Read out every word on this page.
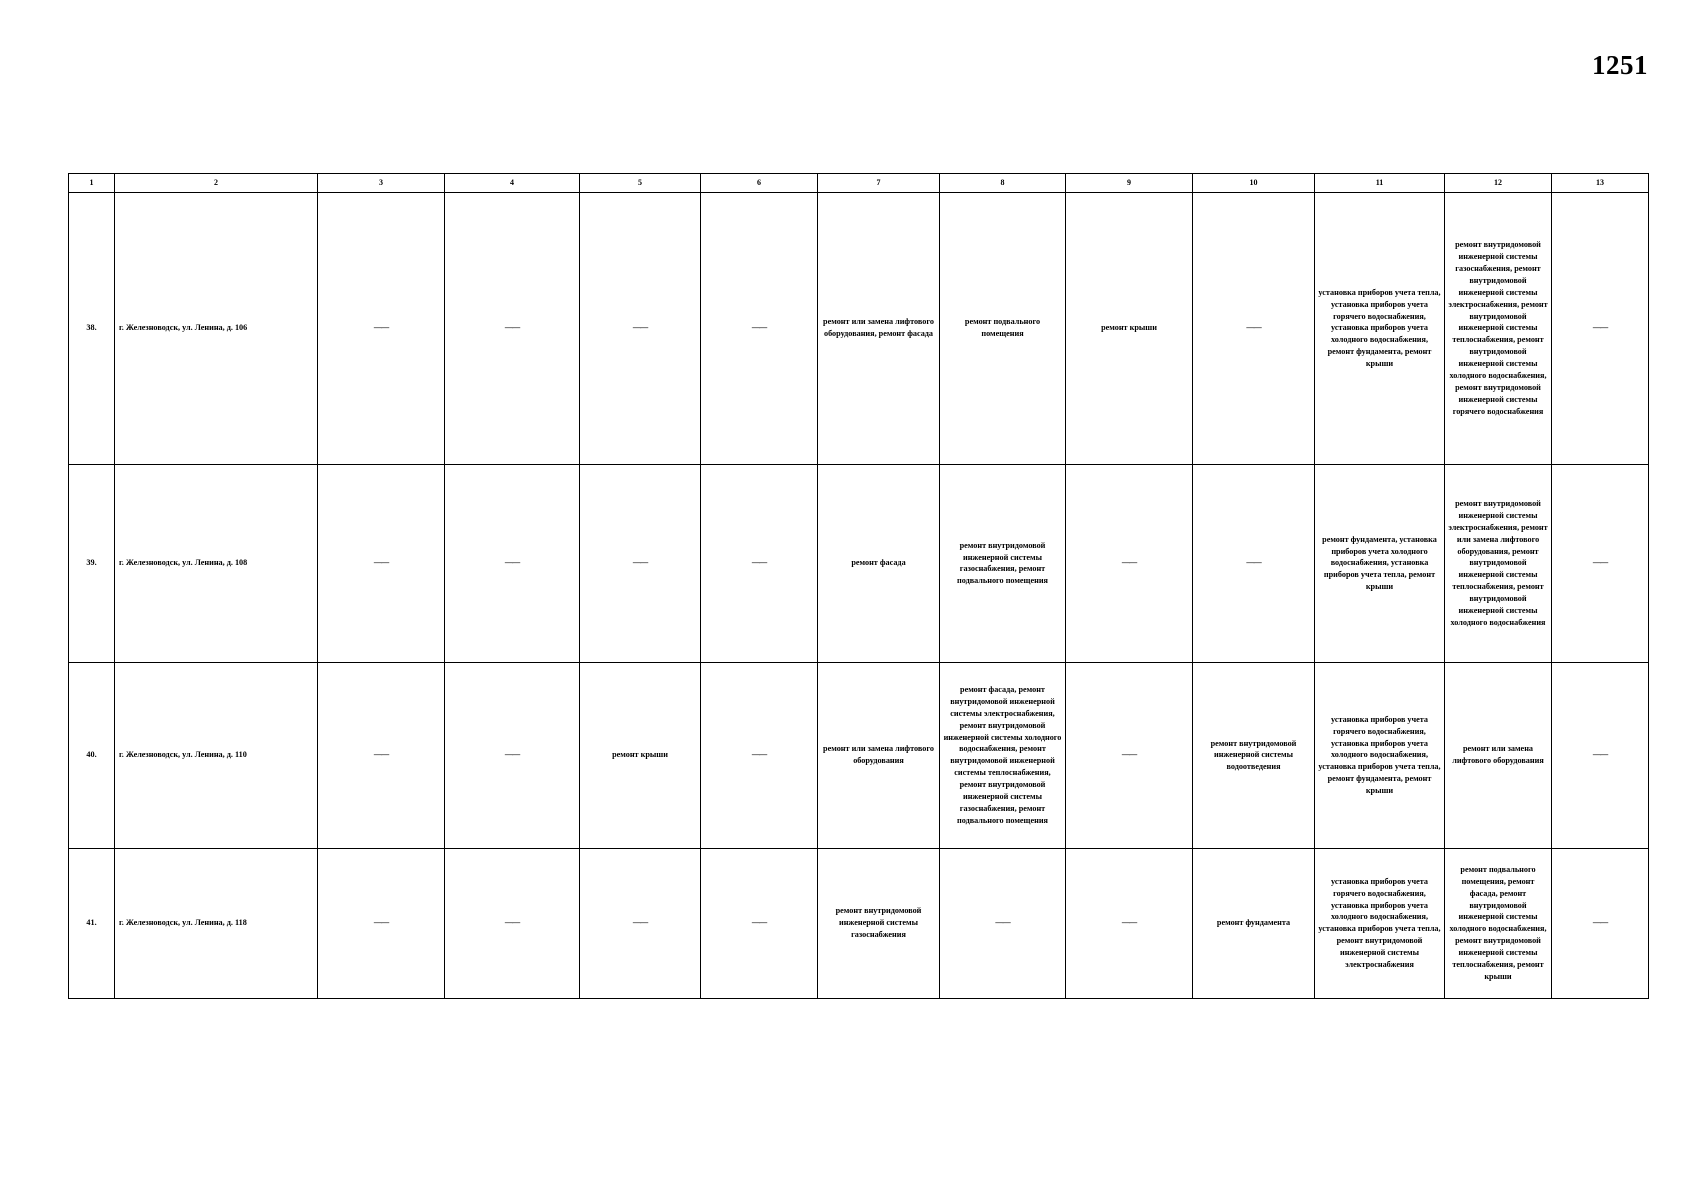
1251
1	2	3	4	5	6	7	8	9	10	11	12	13
38.	г. Железноводск, ул. Ленина, д. 106	——	——	——	——	ремонт или замена лифтового оборудования, ремонт фасада	ремонт подвального помещения	ремонт крыши	——	установка приборов учета тепла, установка приборов учета горячего водоснабжения, установка приборов учета холодного водоснабжения, ремонт фундамента, ремонт крыши	ремонт внутридомовой инженерной системы газоснабжения, ремонт внутридомовой инженерной системы электроснабжения, ремонт внутридомовой инженерной системы теплоснабжения, ремонт внутридомовой инженерной системы холодного водоснабжения, ремонт внутридомовой инженерной системы горячего водоснабжения	——
39.	г. Железноводск, ул. Ленина, д. 108	——	——	——	——	ремонт фасада	ремонт внутридомовой инженерной системы газоснабжения, ремонт подвального помещения	——	——	ремонт фундамента, установка приборов учета холодного водоснабжения, установка приборов учета тепла, ремонт крыши	ремонт внутридомовой инженерной системы электроснабжения, ремонт или замена лифтового оборудования, ремонт внутридомовой инженерной системы теплоснабжения, ремонт внутридомовой инженерной системы холодного водоснабжения	——
40.	г. Железноводск, ул. Ленина, д. 110	——	——	ремонт крыши	——	ремонт или замена лифтового оборудования	ремонт фасада, ремонт внутридомовой инженерной системы электроснабжения, ремонт внутридомовой инженерной системы холодного водоснабжения, ремонт внутридомовой инженерной системы теплоснабжения, ремонт внутридомовой инженерной системы газоснабжения, ремонт подвального помещения	——	ремонт внутридомовой инженерной системы водоотведения	установка приборов учета горячего водоснабжения, установка приборов учета холодного водоснабжения, установка приборов учета тепла, ремонт фундамента, ремонт крыши	ремонт или замена лифтового оборудования	——
41.	г. Железноводск, ул. Ленина, д. 118	——	——	——	——	ремонт внутридомовой инженерной системы газоснабжения	——	——	ремонт фундамента	установка приборов учета горячего водоснабжения, установка приборов учета холодного водоснабжения, установка приборов учета тепла, ремонт внутридомовой инженерной системы электроснабжения	ремонт подвального помещения, ремонт фасада, ремонт внутридомовой инженерной системы холодного водоснабжения, ремонт внутридомовой инженерной системы теплоснабжения, ремонт крыши	——
